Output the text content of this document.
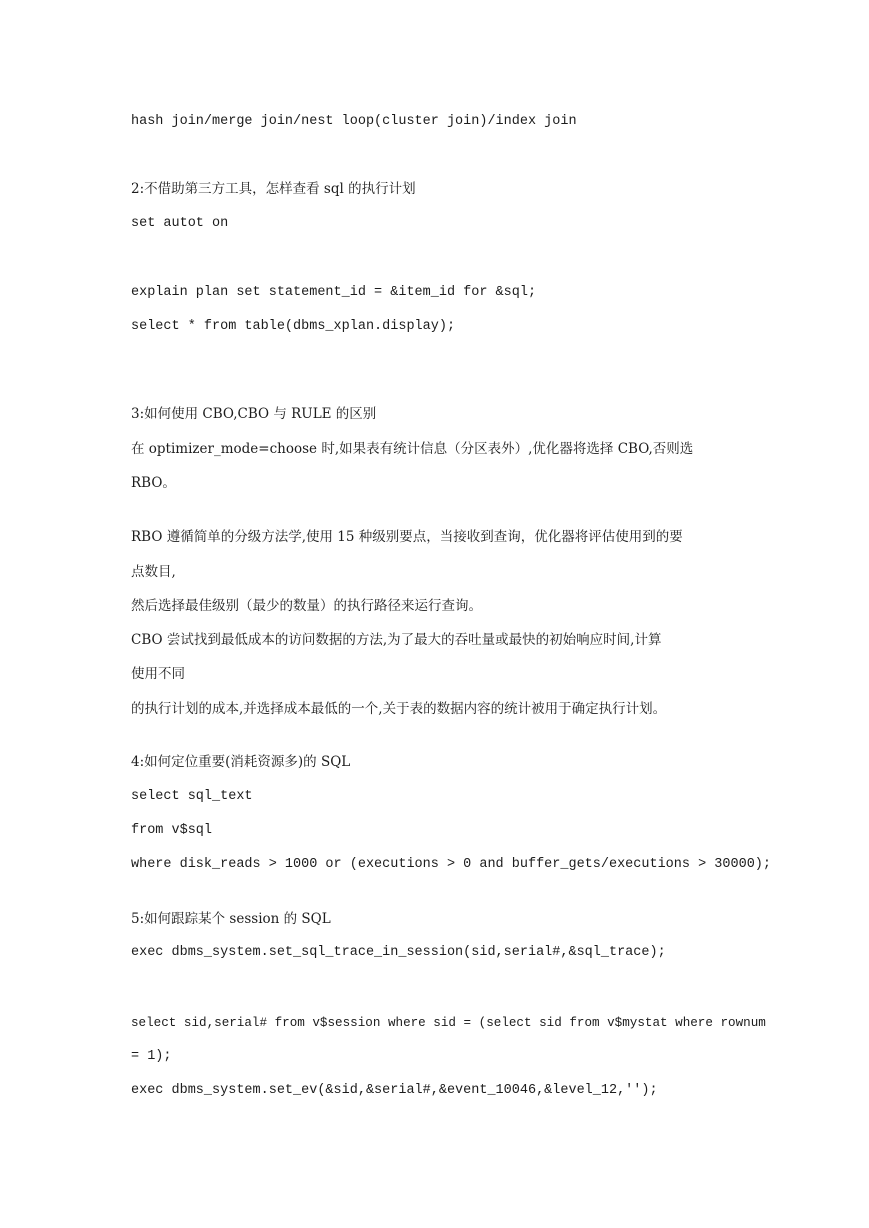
hash join/merge join/nest loop(cluster join)/index join
2:不借助第三方工具，怎样查看 sql 的执行计划
set autot on
explain plan set statement_id = &item_id for &sql;
select * from table(dbms_xplan.display);
3:如何使用 CBO,CBO 与 RULE 的区别
在 optimizer_mode=choose 时,如果表有统计信息（分区表外）,优化器将选择 CBO,否则选
RBO。
RBO 遵循简单的分级方法学,使用 15 种级别要点，当接收到查询，优化器将评估使用到的要
点数目,
然后选择最佳级别（最少的数量）的执行路径来运行查询。
CBO 尝试找到最低成本的访问数据的方法,为了最大的吞吐量或最快的初始响应时间,计算
使用不同
的执行计划的成本,并选择成本最低的一个,关于表的数据内容的统计被用于确定执行计划。
4:如何定位重要(消耗资源多)的 SQL
select sql_text
from v$sql
where disk_reads > 1000 or (executions > 0 and buffer_gets/executions > 30000);
5:如何跟踪某个 session 的 SQL
exec dbms_system.set_sql_trace_in_session(sid,serial#,&sql_trace);
select sid,serial# from v$session where sid = (select sid from v$mystat where rownum
= 1);
exec dbms_system.set_ev(&sid,&serial#,&event_10046,&level_12,'');
